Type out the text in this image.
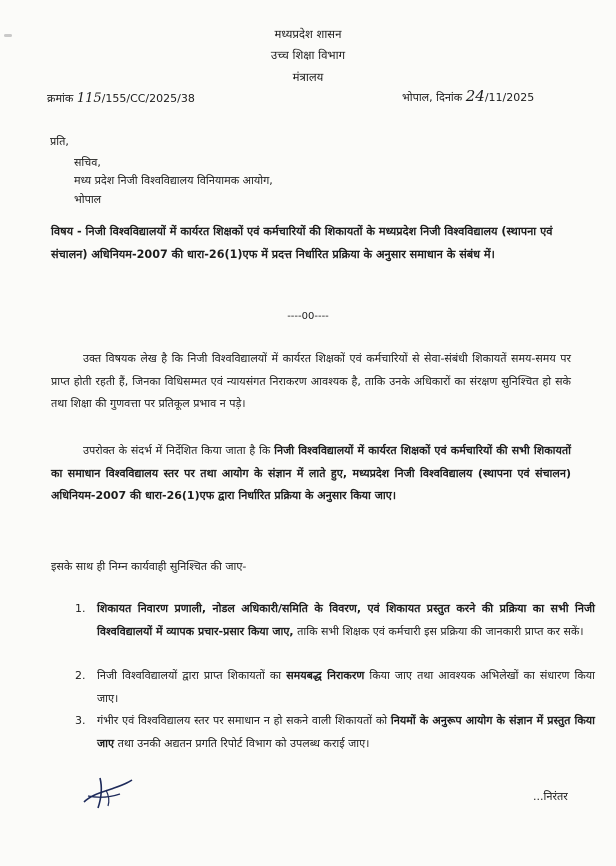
मध्यप्रदेश शासन
उच्च शिक्षा विभाग
मंत्रालय
क्रमांक 115/155/CC/2025/38	भोपाल, दिनांक 24/11/2025
प्रति,
सचिव,
मध्य प्रदेश निजी विश्वविद्यालय विनियामक आयोग,
भोपाल
विषय - निजी विश्वविद्यालयों में कार्यरत शिक्षकों एवं कर्मचारियों की शिकायतों के मध्यप्रदेश निजी विश्वविद्यालय (स्थापना एवं संचालन) अधिनियम-2007 की धारा-26(1)एफ में प्रदत्त निर्धारित प्रक्रिया के अनुसार समाधान के संबंध में।
----00----
उक्त विषयक लेख है कि निजी विश्वविद्यालयों में कार्यरत शिक्षकों एवं कर्मचारियों से सेवा-संबंधी शिकायतें समय-समय पर प्राप्त होती रहती हैं, जिनका विधिसम्मत एवं न्यायसंगत निराकरण आवश्यक है, ताकि उनके अधिकारों का संरक्षण सुनिश्चित हो सके तथा शिक्षा की गुणवत्ता पर प्रतिकूल प्रभाव न पड़े।
उपरोक्त के संदर्भ में निर्देशित किया जाता है कि निजी विश्वविद्यालयों में कार्यरत शिक्षकों एवं कर्मचारियों की सभी शिकायतों का समाधान विश्वविद्यालय स्तर पर तथा आयोग के संज्ञान में लाते हुए, मध्यप्रदेश निजी विश्वविद्यालय (स्थापना एवं संचालन) अधिनियम-2007 की धारा-26(1)एफ द्वारा निर्धारित प्रक्रिया के अनुसार किया जाए।
इसके साथ ही निम्न कार्यवाही सुनिश्चित की जाए-
1. शिकायत निवारण प्रणाली, नोडल अधिकारी/समिति के विवरण, एवं शिकायत प्रस्तुत करने की प्रक्रिया का सभी निजी विश्वविद्यालयों में व्यापक प्रचार-प्रसार किया जाए, ताकि सभी शिक्षक एवं कर्मचारी इस प्रक्रिया की जानकारी प्राप्त कर सकें।
2. निजी विश्वविद्यालयों द्वारा प्राप्त शिकायतों का समयबद्ध निराकरण किया जाए तथा आवश्यक अभिलेखों का संधारण किया जाए।
3. गंभीर एवं विश्वविद्यालय स्तर पर समाधान न हो सकने वाली शिकायतों को नियमों के अनुरूप आयोग के संज्ञान में प्रस्तुत किया जाए तथा उनकी अद्यतन प्रगति रिपोर्ट विभाग को उपलब्ध कराई जाए।
...निरंतर
